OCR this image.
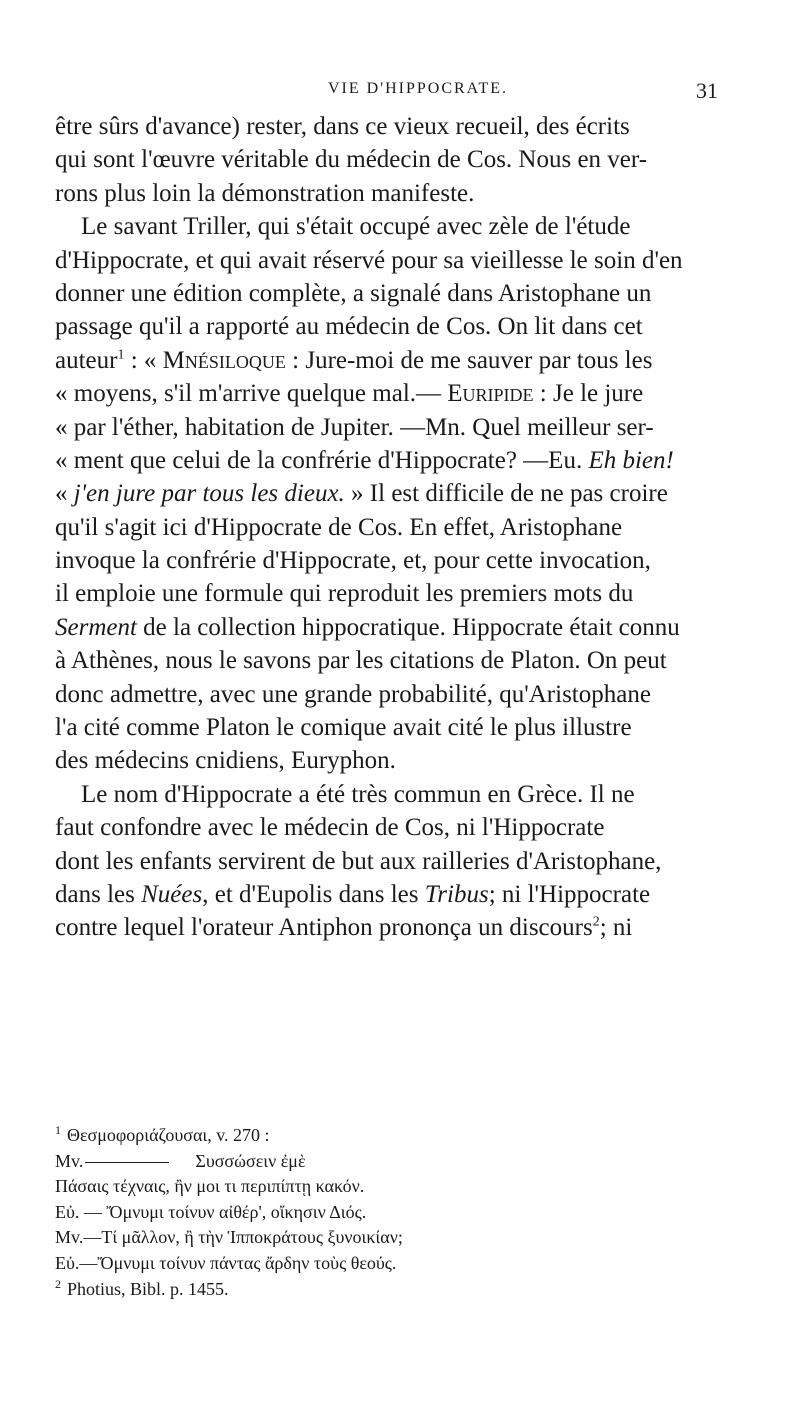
VIE D'HIPPOCRATE.	31
être sûrs d'avance) rester, dans ce vieux recueil, des écrits
qui sont l'œuvre véritable du médecin de Cos. Nous en ver-
rons plus loin la démonstration manifeste.
Le savant Triller, qui s'était occupé avec zèle de l'étude
d'Hippocrate, et qui avait réservé pour sa vieillesse le soin d'en
donner une édition complète, a signalé dans Aristophane un
passage qu'il a rapporté au médecin de Cos. On lit dans cet
auteur$^1$ : « Mnésiloque : Jure-moi de me sauver par tous les
« moyens, s'il m'arrive quelque mal.— Euripide : Je le jure
« par l'éther, habitation de Jupiter. —Mn. Quel meilleur ser-
« ment que celui de la confrérie d'Hippocrate? —Eu. Eh bien!
« j'en jure par tous les dieux. » Il est difficile de ne pas croire
qu'il s'agit ici d'Hippocrate de Cos. En effet, Aristophane
invoque la confrérie d'Hippocrate, et, pour cette invocation,
il emploie une formule qui reproduit les premiers mots du
Serment de la collection hippocratique. Hippocrate était connu
à Athènes, nous le savons par les citations de Platon. On peut
donc admettre, avec une grande probabilité, qu'Aristophane
l'a cité comme Platon le comique avait cité le plus illustre
des médecins cnidiens, Euryphon.
Le nom d'Hippocrate a été très commun en Grèce. Il ne
faut confondre avec le médecin de Cos, ni l'Hippocrate
dont les enfants servirent de but aux railleries d'Aristophane,
dans les Nuées, et d'Eupolis dans les Tribus; ni l'Hippocrate
contre lequel l'orateur Antiphon prononça un discours$^2$; ni
$^1$ Θεσμοφοριάζουσαι, v. 270 :
Mv.	Συσσώσειν ἐμὲ
Πάσαις τέχναις, ἢν μοι τι περιπίπτῃ κακόν.
Εὐ. — Ὄμνυμι τοίνυν αἰθέρ', οἴκησιν Διός.
Mv.—Τί μᾶλλον, ἢ τὴν Ἱπποκράτους ξυνοικίαν;
Εὐ.—Ὄμνυμι τοίνυν πάντας ἄρδην τοὺς θεούς.
$^2$ Photius, Bibl. p. 1455.
